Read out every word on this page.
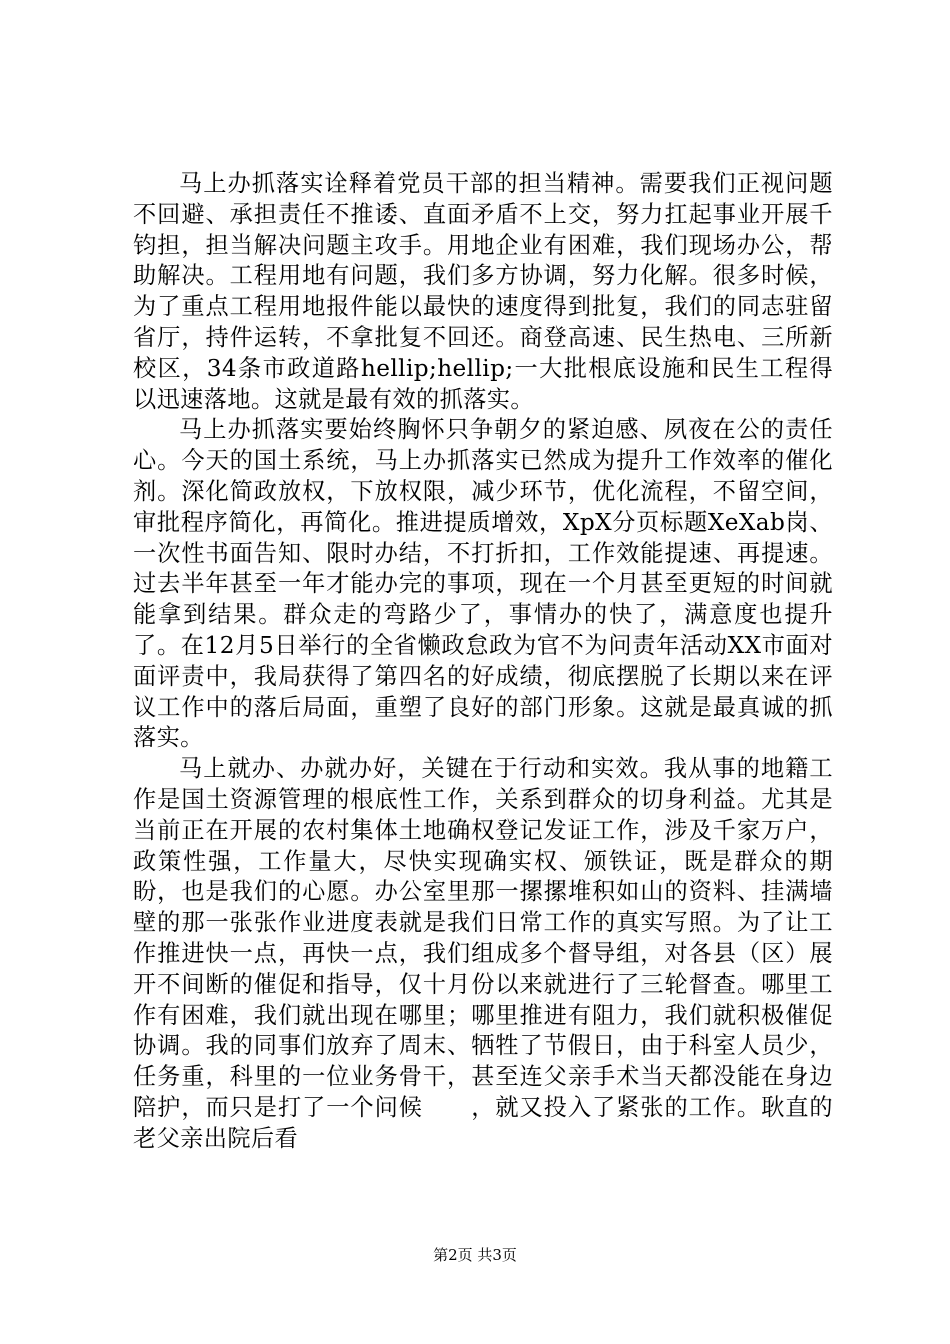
马上办抓落实诠释着党员干部的担当精神。需要我们正视问题不回避、承担责任不推诿、直面矛盾不上交，努力扛起事业开展千钧担，担当解决问题主攻手。用地企业有困难，我们现场办公，帮助解决。工程用地有问题，我们多方协调，努力化解。很多时候，为了重点工程用地报件能以最快的速度得到批复，我们的同志驻留省厅，持件运转，不拿批复不回还。商登高速、民生热电、三所新校区，34条市政道路hellip;hellip;一大批根底设施和民生工程得以迅速落地。这就是最有效的抓落实。

马上办抓落实要始终胸怀只争朝夕的紧迫感、夙夜在公的责任心。今天的国土系统，马上办抓落实已然成为提升工作效率的催化剂。深化简政放权，下放权限，减少环节，优化流程，不留空间，审批程序简化，再简化。推进提质增效，XpX分页标题XeXab岗、一次性书面告知、限时办结，不打折扣，工作效能提速、再提速。过去半年甚至一年才能办完的事项，现在一个月甚至更短的时间就能拿到结果。群众走的弯路少了，事情办的快了，满意度也提升了。在12月5日举行的全省懒政怠政为官不为问责年活动XX市面对面评责中，我局获得了第四名的好成绩，彻底摆脱了长期以来在评议工作中的落后局面，重塑了良好的部门形象。这就是最真诚的抓落实。

马上就办、办就办好，关键在于行动和实效。我从事的地籍工作是国土资源管理的根底性工作，关系到群众的切身利益。尤其是当前正在开展的农村集体土地确权登记发证工作，涉及千家万户，政策性强，工作量大，尽快实现确实权、颁铁证，既是群众的期盼，也是我们的心愿。办公室里那一摞摞堆积如山的资料、挂满墙壁的那一张张作业进度表就是我们日常工作的真实写照。为了让工作推进快一点，再快一点，我们组成多个督导组，对各县（区）展开不间断的催促和指导，仅十月份以来就进行了三轮督查。哪里工作有困难，我们就出现在哪里；哪里推进有阻力，我们就积极催促协调。我的同事们放弃了周末、牺牲了节假日，由于科室人员少，任务重，科里的一位业务骨干，甚至连父亲手术当天都没能在身边陪护，而只是打了一个问候　　，就又投入了紧张的工作。耿直的老父亲出院后看

第2页 共3页
